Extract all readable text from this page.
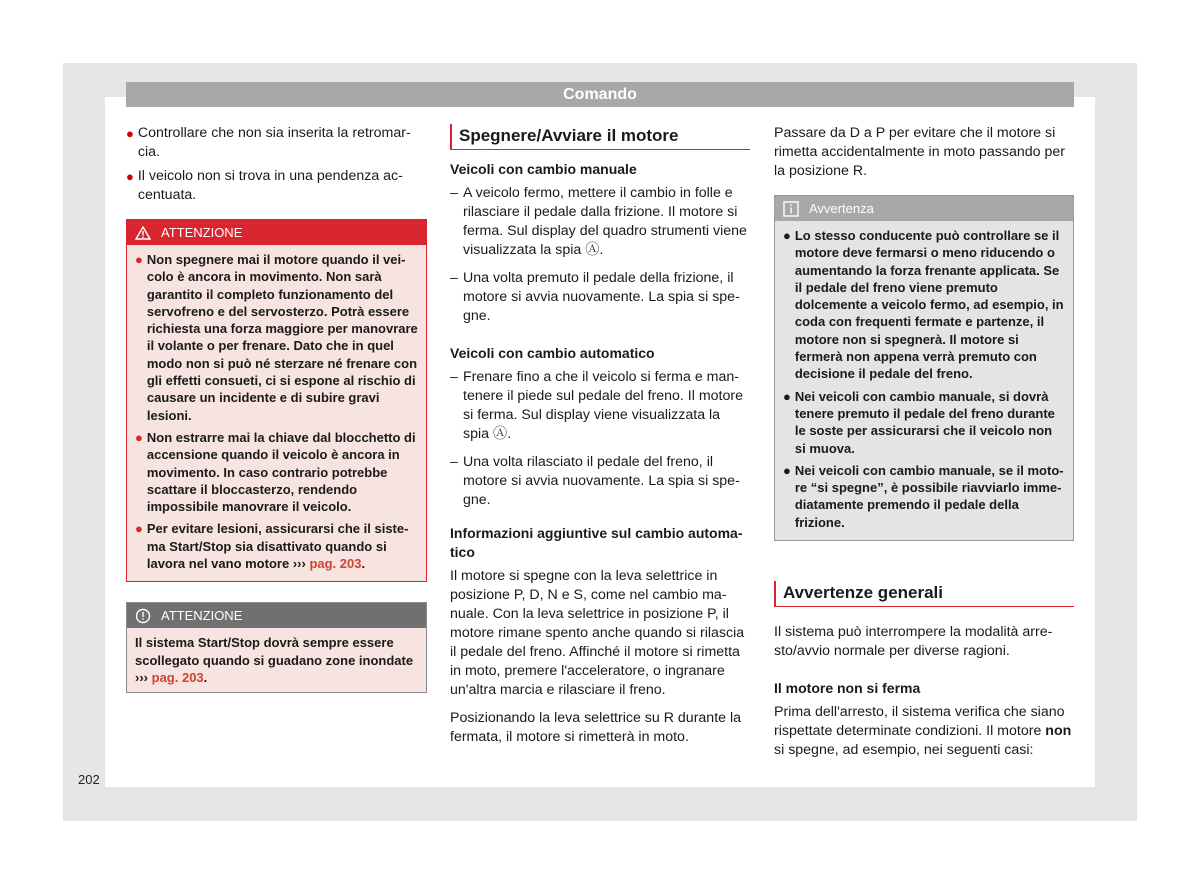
Comando
● Controllare che non sia inserita la retromarcia.
● Il veicolo non si trova in una pendenza accentuata.
ATTENZIONE
● Non spegnere mai il motore quando il veicolo è ancora in movimento. Non sarà garantito il completo funzionamento del servofreno e del servosterzo. Potrà essere richiesta una forza maggiore per manovrare il volante o per frenare. Dato che in quel modo non si può né sterzare né frenare con gli effetti consueti, ci si espone al rischio di causare un incidente e di subire gravi lesioni.
● Non estrarre mai la chiave dal blocchetto di accensione quando il veicolo è ancora in movimento. In caso contrario potrebbe scattare il bloccasterzo, rendendo impossibile manovrare il veicolo.
● Per evitare lesioni, assicurarsi che il sistema Start/Stop sia disattivato quando si lavora nel vano motore ››› pag. 203.
ATTENZIONE
Il sistema Start/Stop dovrà sempre essere scollegato quando si guadano zone inondate ››› pag. 203.
Spegnere/Avviare il motore
Veicoli con cambio manuale
– A veicolo fermo, mettere il cambio in folle e rilasciare il pedale dalla frizione. Il motore si ferma. Sul display del quadro strumenti viene visualizzata la spia Ⓐ.
– Una volta premuto il pedale della frizione, il motore si avvia nuovamente. La spia si spegne.
Veicoli con cambio automatico
– Frenare fino a che il veicolo si ferma e mantenere il piede sul pedale del freno. Il motore si ferma. Sul display viene visualizzata la spia Ⓐ.
– Una volta rilasciato il pedale del freno, il motore si avvia nuovamente. La spia si spegne.
Informazioni aggiuntive sul cambio automatico
Il motore si spegne con la leva selettrice in posizione P, D, N e S, come nel cambio manuale. Con la leva selettrice in posizione P, il motore rimane spento anche quando si rilascia il pedale del freno. Affinché il motore si rimetta in moto, premere l'acceleratore, o ingranare un'altra marcia e rilasciare il freno.
Posizionando la leva selettrice su R durante la fermata, il motore si rimetterà in moto.
Passare da D a P per evitare che il motore si rimetta accidentalmente in moto passando per la posizione R.
Avvertenza
● Lo stesso conducente può controllare se il motore deve fermarsi o meno riducendo o aumentando la forza frenante applicata. Se il pedale del freno viene premuto dolcemente a veicolo fermo, ad esempio, in coda con frequenti fermate e partenze, il motore non si spegnerà. Il motore si fermerà non appena verrà premuto con decisione il pedale del freno.
● Nei veicoli con cambio manuale, si dovrà tenere premuto il pedale del freno durante le soste per assicurarsi che il veicolo non si muova.
● Nei veicoli con cambio manuale, se il motore “si spegne”, è possibile riavviarlo immediatamente premendo il pedale della frizione.
Avvertenze generali
Il sistema può interrompere la modalità arresto/avvio normale per diverse ragioni.
Il motore non si ferma
Prima dell'arresto, il sistema verifica che siano rispettate determinate condizioni. Il motore non si spegne, ad esempio, nei seguenti casi:
202
